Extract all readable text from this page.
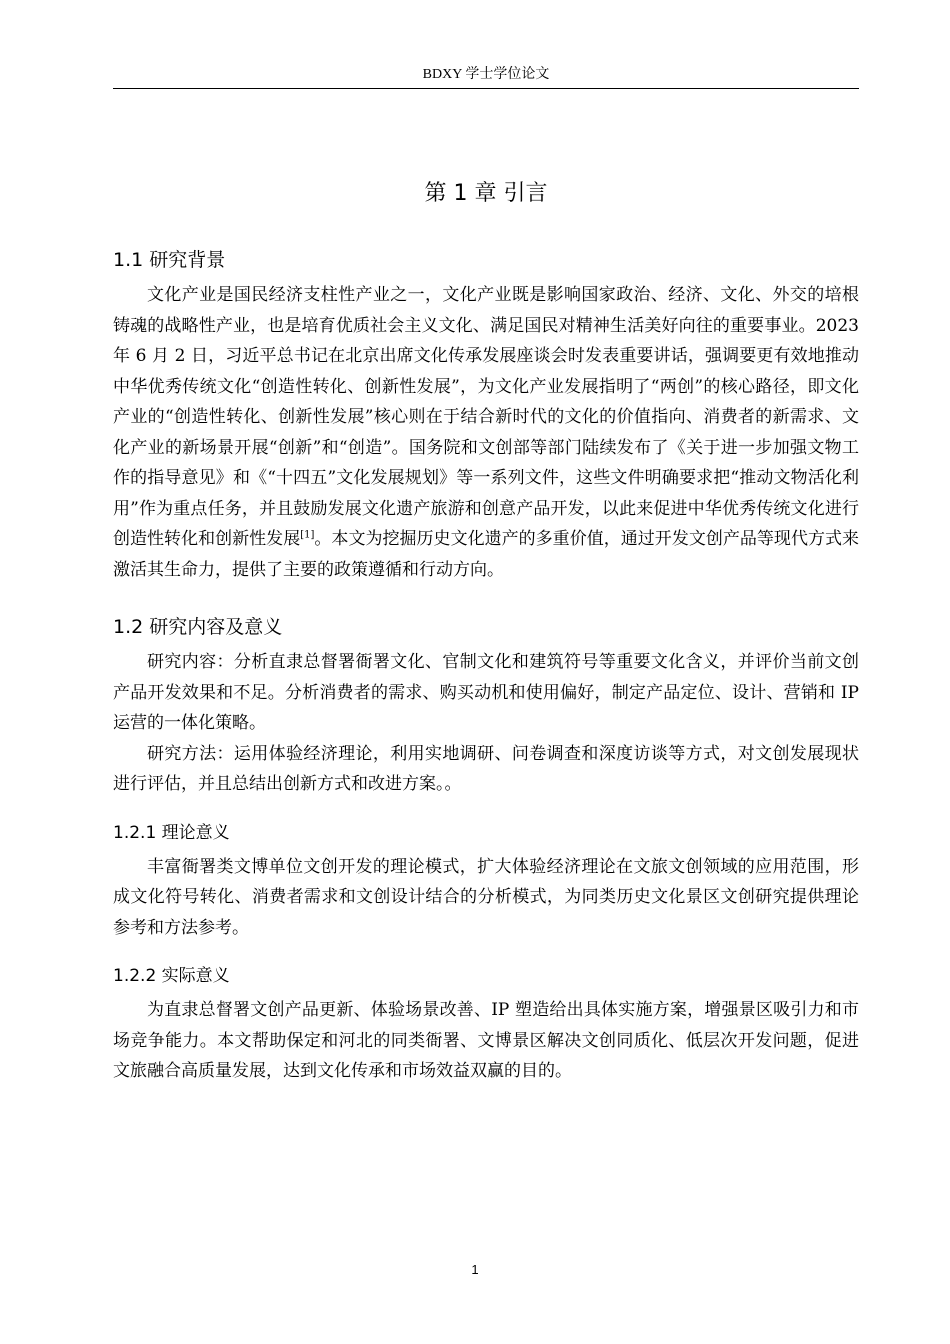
BDXY 学士学位论文
第 1 章 引言
1.1 研究背景

文化产业是国民经济支柱性产业之一，文化产业既是影响国家政治、经济、文化、外交的培根铸魂的战略性产业，也是培育优质社会主义文化、满足国民对精神生活美好向往的重要事业。2023 年 6 月 2 日，习近平总书记在北京出席文化传承发展座谈会时发表重要讲话，强调要更有效地推动中华优秀传统文化“创造性转化、创新性发展”，为文化产业发展指明了“两创”的核心路径，即文化产业的“创造性转化、创新性发展”核心则在于结合新时代的文化的价值指向、消费者的新需求、文化产业的新场景开展“创新”和“创造”。国务院和文创部等部门陆续发布了《关于进一步加强文物工作的指导意见》和《“十四五”文化发展规划》等一系列文件，这些文件明确要求把“推动文物活化利用”作为重点任务，并且鼓励发展文化遗产旅游和创意产品开发，以此来促进中华优秀传统文化进行创造性转化和创新性发展[1]。本文为挖掘历史文化遗产的多重价值，通过开发文创产品等现代方式来激活其生命力，提供了主要的政策遵循和行动方向。

1.2 研究内容及意义

研究内容：分析直隶总督署衙署文化、官制文化和建筑符号等重要文化含义，并评价当前文创产品开发效果和不足。分析消费者的需求、购买动机和使用偏好，制定产品定位、设计、营销和 IP 运营的一体化策略。

研究方法：运用体验经济理论，利用实地调研、问卷调查和深度访谈等方式，对文创发展现状进行评估，并且总结出创新方式和改进方案。。

1.2.1 理论意义

丰富衙署类文博单位文创开发的理论模式，扩大体验经济理论在文旅文创领域的应用范围，形成文化符号转化、消费者需求和文创设计结合的分析模式，为同类历史文化景区文创研究提供理论参考和方法参考。

1.2.2 实际意义

为直隶总督署文创产品更新、体验场景改善、IP 塑造给出具体实施方案，增强景区吸引力和市场竞争能力。本文帮助保定和河北的同类衙署、文博景区解决文创同质化、低层次开发问题，促进文旅融合高质量发展，达到文化传承和市场效益双赢的目的。

1
